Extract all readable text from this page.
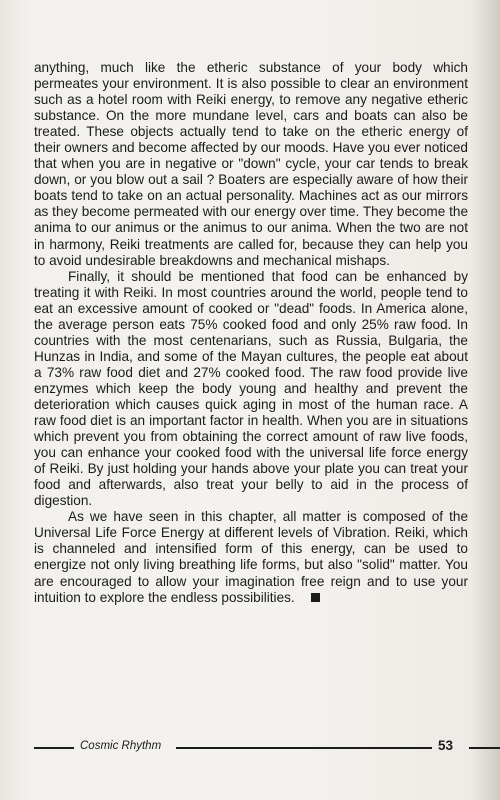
anything, much like the etheric substance of your body which permeates your environment. It is also possible to clear an environment such as a hotel room with Reiki energy, to remove any negative etheric substance. On the more mundane level, cars and boats can also be treated. These objects actually tend to take on the etheric energy of their owners and become affected by our moods. Have you ever noticed that when you are in negative or "down" cycle, your car tends to break down, or you blow out a sail ? Boaters are especially aware of how their boats tend to take on an actual personality. Machines act as our mirrors as they become permeated with our energy over time. They become the anima to our animus or the animus to our anima. When the two are not in harmony, Reiki treatments are called for, because they can help you to avoid undesirable breakdowns and mechanical mishaps.

Finally, it should be mentioned that food can be enhanced by treating it with Reiki. In most countries around the world, people tend to eat an excessive amount of cooked or "dead" foods. In America alone, the average person eats 75% cooked food and only 25% raw food. In countries with the most centenarians, such as Russia, Bulgaria, the Hunzas in India, and some of the Mayan cultures, the people eat about a 73% raw food diet and 27% cooked food. The raw food provide live enzymes which keep the body young and healthy and prevent the deterioration which causes quick aging in most of the human race. A raw food diet is an important factor in health. When you are in situations which prevent you from obtaining the correct amount of raw live foods, you can enhance your cooked food with the universal life force energy of Reiki. By just holding your hands above your plate you can treat your food and afterwards, also treat your belly to aid in the process of digestion.

As we have seen in this chapter, all matter is composed of the Universal Life Force Energy at different levels of Vibration. Reiki, which is channeled and intensified form of this energy, can be used to energize not only living breathing life forms, but also "solid" matter. You are encouraged to allow your imagination free reign and to use your intuition to explore the endless possibilities.

Cosmic Rhythm	53
